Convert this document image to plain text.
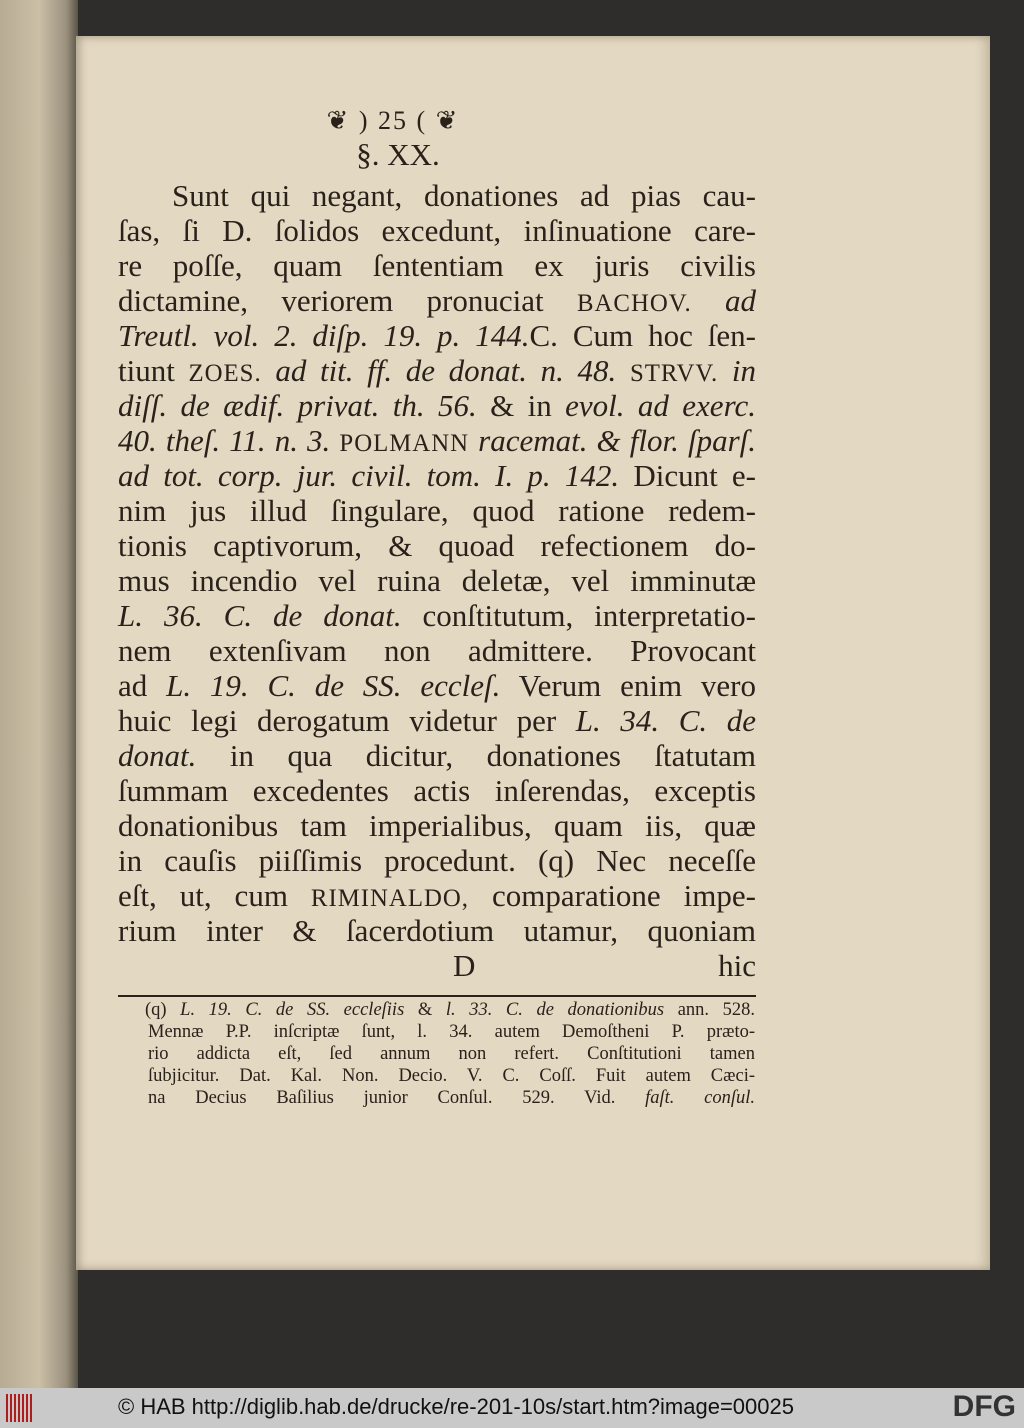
❦ ) 25 ( ❦
§. XX.
Sunt qui negant, donationes ad pias cau-
ſas, ſi D. ſolidos excedunt, inſinuatione care-
re poſſe, quam ſententiam ex juris civilis
dictamine, veriorem pronuciat BACHOV. ad
Treutl. vol. 2. diſp. 19. p. 144.C. Cum hoc ſen-
tiunt ZOES. ad tit. ff. de donat. n. 48. STRVV. in
diſſ. de ædif. privat. th. 56. & in evol. ad exerc.
40. theſ. 11. n. 3. POLMANN racemat. & flor. ſparſ.
ad tot. corp. jur. civil. tom. I. p. 142. Dicunt e-
nim jus illud ſingulare, quod ratione redem-
tionis captivorum, & quoad refectionem do-
mus incendio vel ruina deletæ, vel imminutæ
L. 36. C. de donat. conſtitutum, interpretatio-
nem extenſivam non admittere. Provocant
ad L. 19. C. de SS. eccleſ. Verum enim vero
huic legi derogatum videtur per L. 34. C. de
donat. in qua dicitur, donationes ſtatutam
ſummam excedentes actis inſerendas, exceptis
donationibus tam imperialibus, quam iis, quæ
in cauſis piiſſimis procedunt. (q) Nec neceſſe
eſt, ut, cum RIMINALDO, comparatione impe-
rium inter & ſacerdotium utamur, quoniam
D	hic
(q) L. 19. C. de SS. eccleſiis & l. 33. C. de donationibus ann. 528.
Mennæ P.P. inſcriptæ ſunt, l. 34. autem Demoſtheni P. præto-
rio addicta eſt, ſed annum non refert. Conſtitutioni tamen
ſubjicitur. Dat. Kal. Non. Decio. V. C. Coſſ. Fuit autem Cæci-
na Decius Baſilius junior Conſul. 529. Vid. faſt. conſul.
© HAB http://diglib.hab.de/drucke/re-201-10s/start.htm?image=00025	DFG
